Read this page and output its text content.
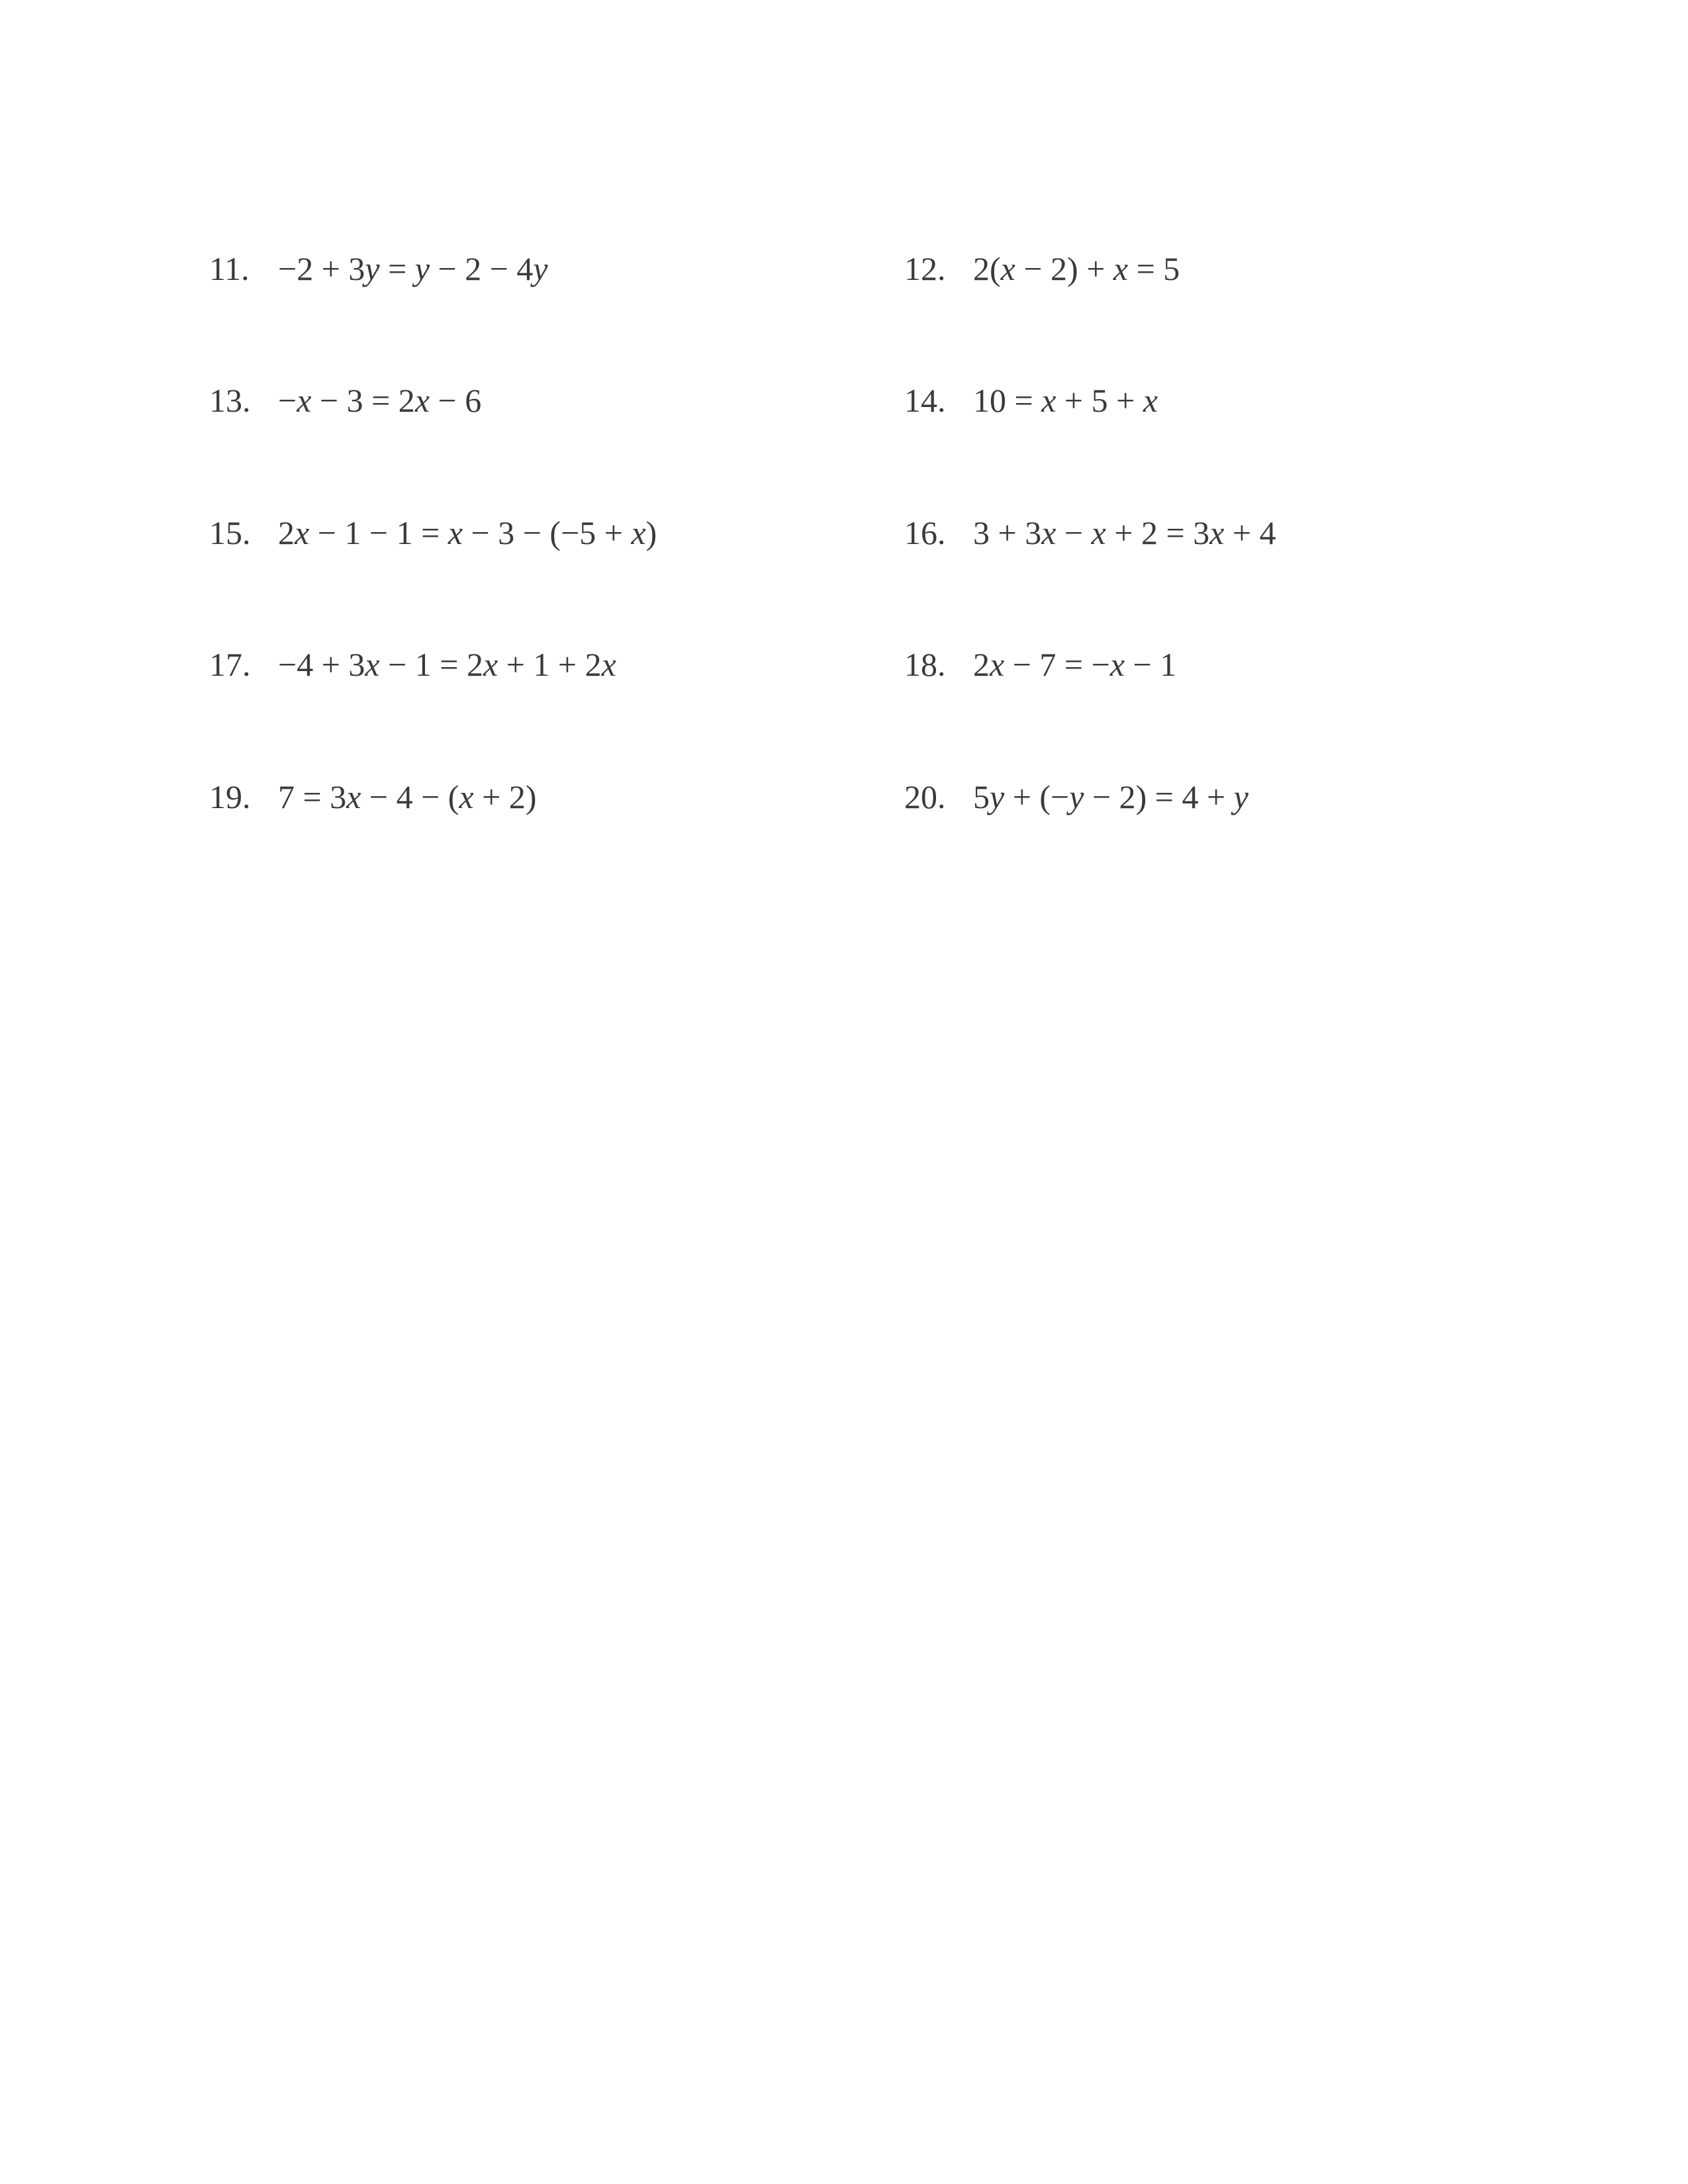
11. −2 + 3y = y − 2 − 4y	12. 2(x − 2) + x = 5
13. −x − 3 = 2x − 6	14. 10 = x + 5 + x
15. 2x − 1 − 1 = x − 3 − (−5 + x)	16. 3 + 3x − x + 2 = 3x + 4
17. −4 + 3x − 1 = 2x + 1 + 2x	18. 2x − 7 = −x − 1
19. 7 = 3x − 4 − (x + 2)	20. 5y + (−y − 2) = 4 + y
